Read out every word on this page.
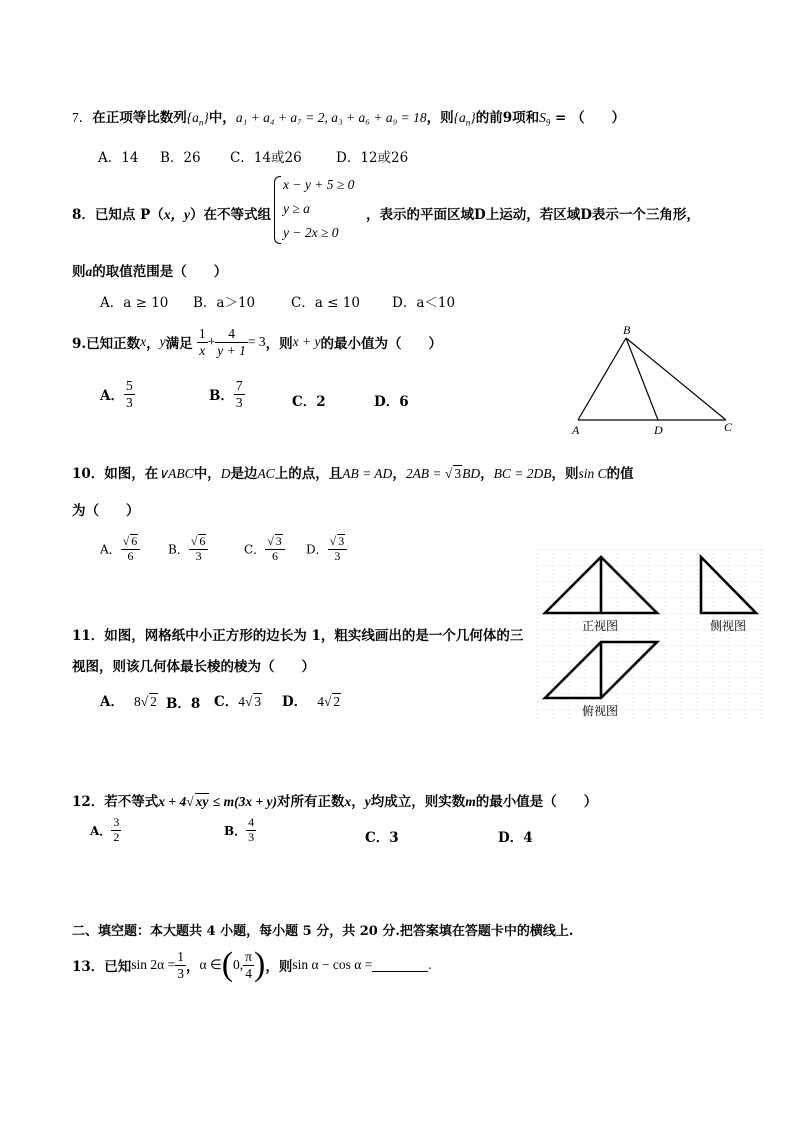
7．在正项等比数列$\{a_n\}$中，a₁ + a₄ + a₇ = 2, a₃ + a₆ + a₉ = 18，则$\{a_n\}$的前9项和$S_9$ = （　　）
A．14 B．26 C．14或26	D．12或26
8．已知点 P（x，y）在不等式组
x − y + 5 ≥ 0
y ≥ a
y − 2x ≥ 0
，表示的平面区域D上运动，若区域D表示一个三角形，
则a的取值范围是（　　）
A．a ≥ 10 B．a＞10	C．a ≤ 10 D．a＜10
9.已知正数x，y满足 $\frac{1}{x} + \frac{4}{y + 1} = 3$，则x + y的最小值为（　　）
A． $\frac{5}{3}$	B． $\frac{7}{3}$	C．2	D．6
B
A	D	C
10．如图，在∨ABC中，D是边AC上的点，且AB = AD，2AB = √ 3BD，BC = 2DB，则sin C的值
为（　　）
A． $\frac{√ 6}{6}$ B． $\frac{√ 6}{3}$	C． $\frac{√ 3}{6}$ D． $\frac{√ 3}{3}$
正视图	侧视图
俯视图
11．如图，网格纸中小正方形的边长为 1，粗实线画出的是一个几何体的三
视图，则该几何体最长棱的棱为（　　）
A． 8√ 2 B．8 C．4√ 3 D． 4√ 2
12．若不等式x + 4√ xy ≤ m(3x + y)对所有正数x，y均成立，则实数m的最小值是（　　）
A． $\frac{3}{2}$	B． $\frac{4}{3}$	C．3	D．4
二、填空题：本大题共 4 小题，每小题 5 分，共 20 分.把答案填在答题卡中的横线上.
13．已知$\sin 2\alpha = \frac{1}{3}$ ，α ∈(0, $\frac{\pi}{4}$ )，则sin α − cos α =	.
